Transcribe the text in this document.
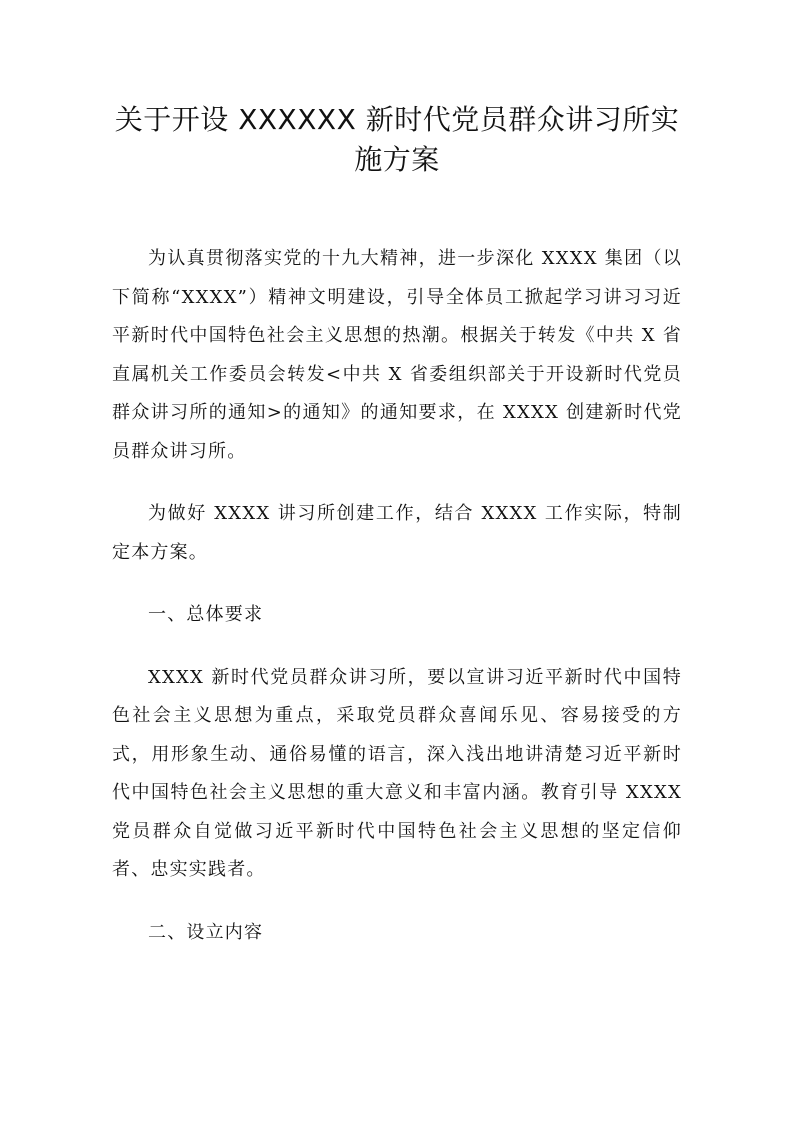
关于开设 XXXXXX 新时代党员群众讲习所实施方案

为认真贯彻落实党的十九大精神，进一步深化 XXXX 集团（以下简称“XXXX”）精神文明建设，引导全体员工掀起学习讲习习近平新时代中国特色社会主义思想的热潮。根据关于转发《中共 X 省直属机关工作委员会转发<中共 X 省委组织部关于开设新时代党员群众讲习所的通知>的通知》的通知要求，在 XXXX 创建新时代党员群众讲习所。

为做好 XXXX 讲习所创建工作，结合 XXXX 工作实际，特制定本方案。

一、总体要求

XXXX 新时代党员群众讲习所，要以宣讲习近平新时代中国特色社会主义思想为重点，采取党员群众喜闻乐见、容易接受的方式，用形象生动、通俗易懂的语言，深入浅出地讲清楚习近平新时代中国特色社会主义思想的重大意义和丰富内涵。教育引导 XXXX 党员群众自觉做习近平新时代中国特色社会主义思想的坚定信仰者、忠实实践者。

二、设立内容
